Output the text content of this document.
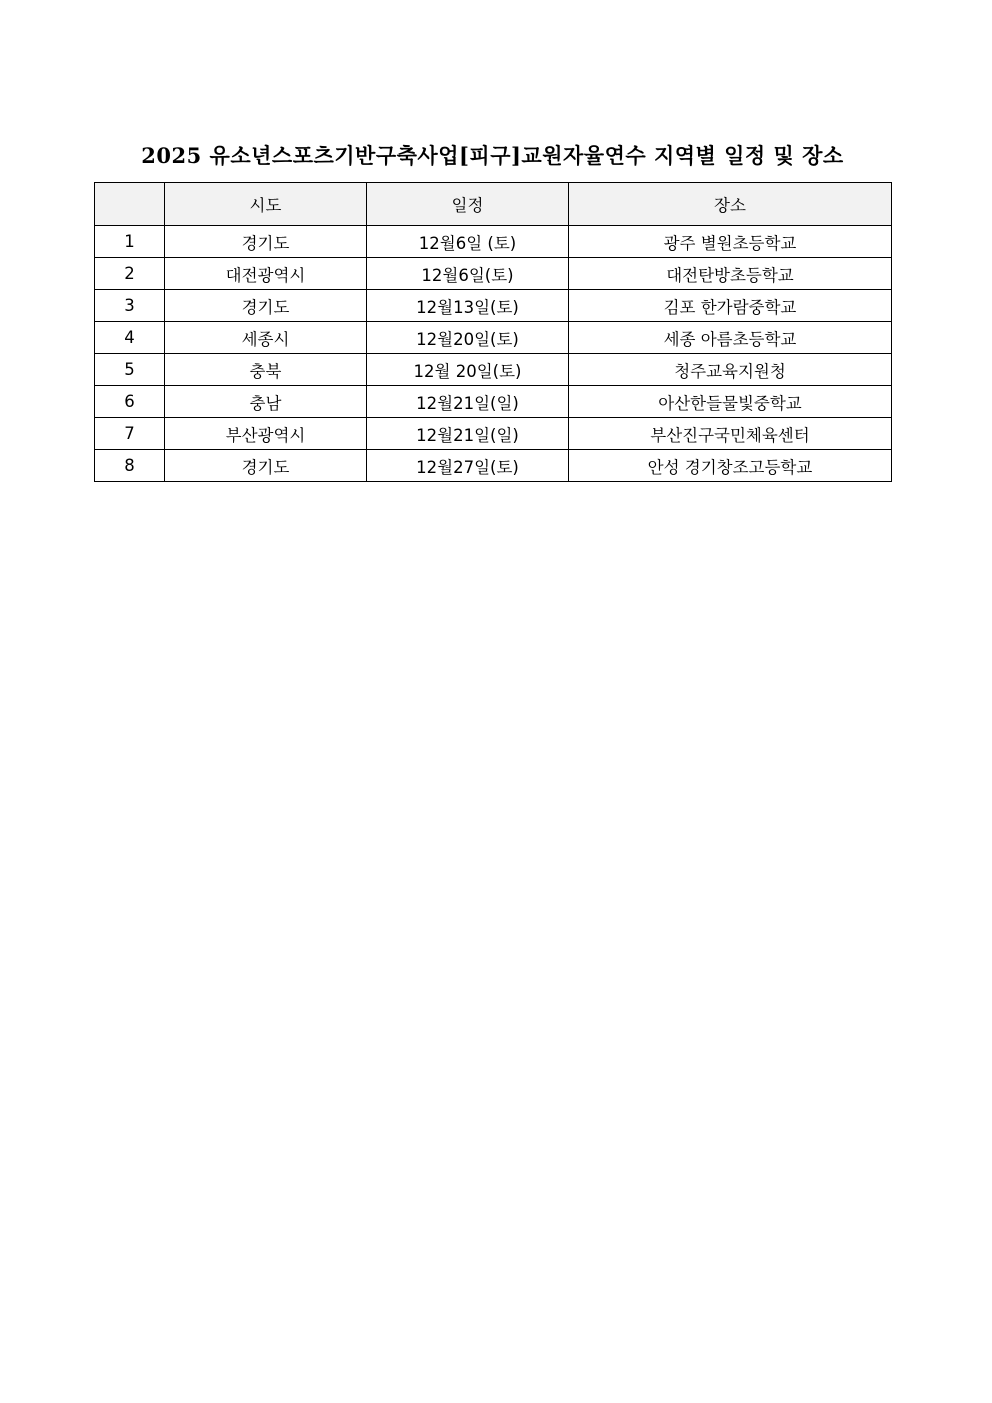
2025 유소년스포츠기반구축사업[피구]교원자율연수 지역별 일정 및 장소
	시도	일정	장소
1	경기도	12월6일 (토)	광주 별원초등학교
2	대전광역시	12월6일(토)	대전탄방초등학교
3	경기도	12월13일(토)	김포 한가람중학교
4	세종시	12월20일(토)	세종 아름초등학교
5	충북	12월 20일(토)	청주교육지원청
6	충남	12월21일(일)	아산한들물빛중학교
7	부산광역시	12월21일(일)	부산진구국민체육센터
8	경기도	12월27일(토)	안성 경기창조고등학교
